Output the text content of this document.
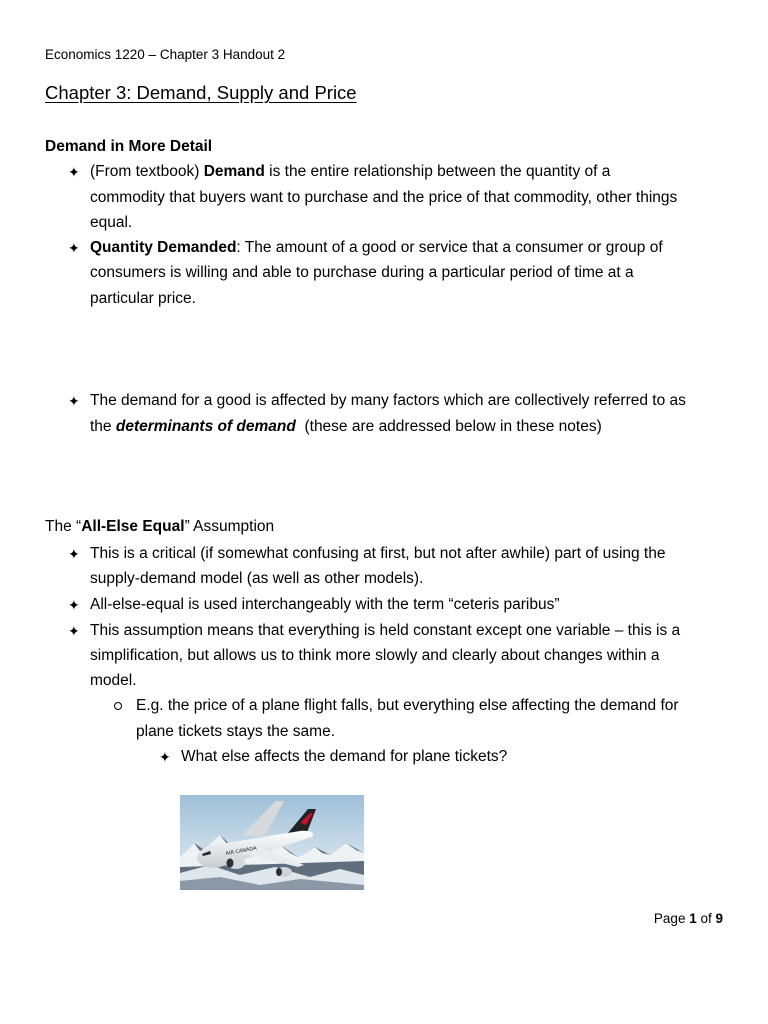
Economics 1220 – Chapter 3 Handout 2
Chapter 3: Demand, Supply and Price
Demand in More Detail
✦ (From textbook) Demand is the entire relationship between the quantity of a
commodity that buyers want to purchase and the price of that commodity, other things
equal.
✦ Quantity Demanded: The amount of a good or service that a consumer or group of
consumers is willing and able to purchase during a particular period of time at a
particular price.
✦ The demand for a good is affected by many factors which are collectively referred to as
the determinants of demand  (these are addressed below in these notes)
The “All-Else Equal” Assumption
✦ This is a critical (if somewhat confusing at first, but not after awhile) part of using the
supply-demand model (as well as other models).
✦ All-else-equal is used interchangeably with the term “ceteris paribus”
✦ This assumption means that everything is held constant except one variable – this is a
simplification, but allows us to think more slowly and clearly about changes within a
model.
E.g. the price of a plane flight falls, but everything else affecting the demand for
plane tickets stays the same.
✦ What else affects the demand for plane tickets?
AIR CANADA
Page 1 of 9
